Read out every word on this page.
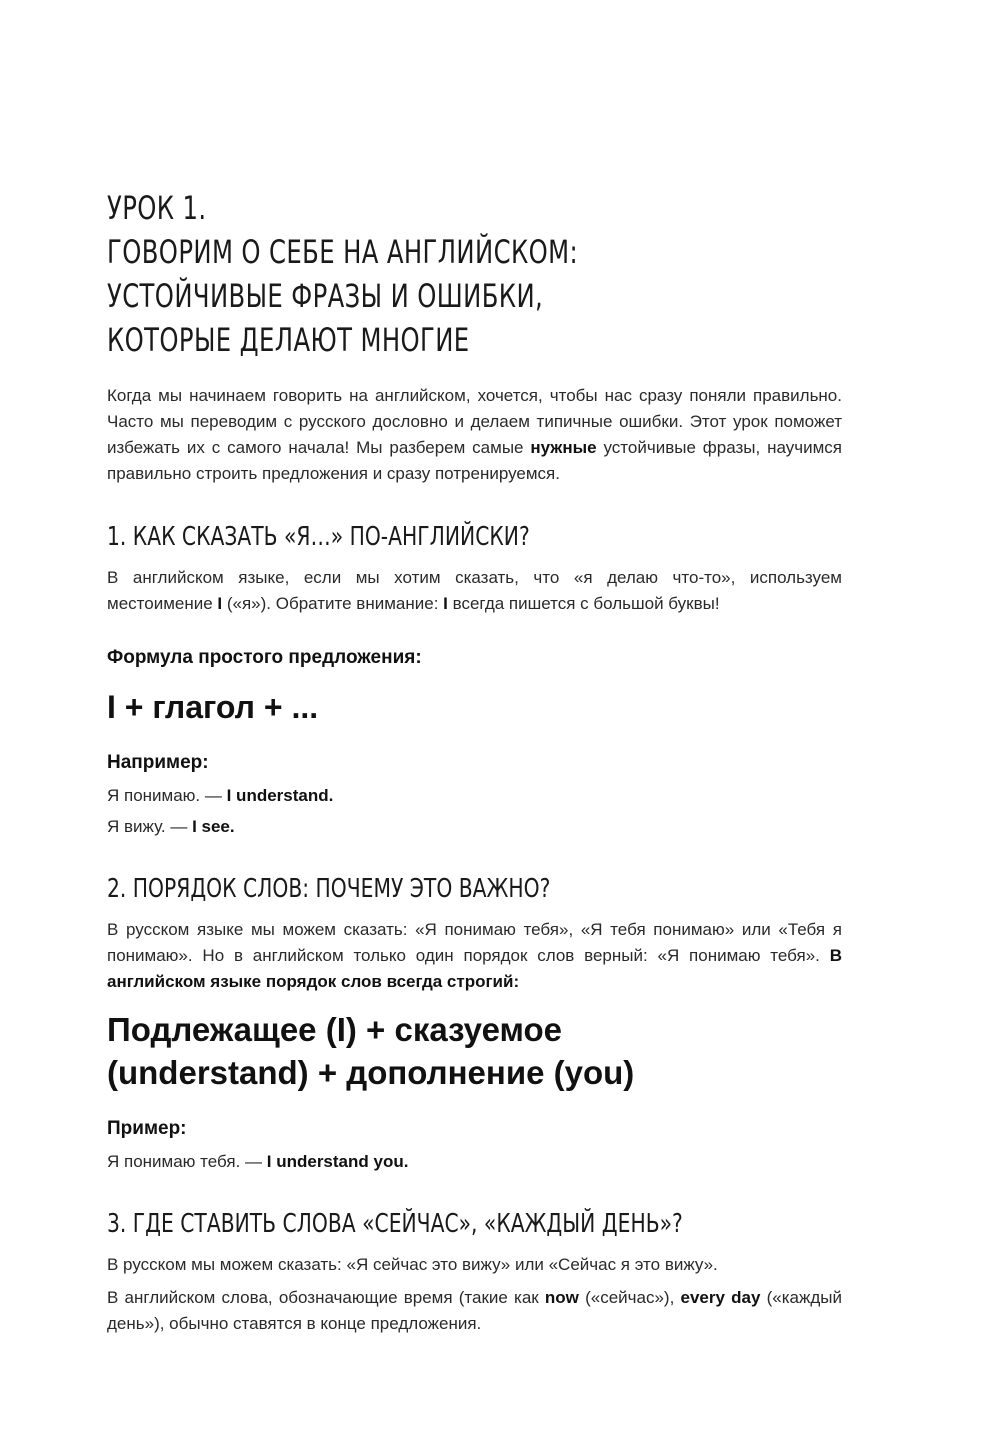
УРОК 1.
ГОВОРИМ О СЕБЕ НА АНГЛИЙСКОМ:
УСТОЙЧИВЫЕ ФРАЗЫ И ОШИБКИ,
КОТОРЫЕ ДЕЛАЮТ МНОГИЕ

Когда мы начинаем говорить на английском, хочется, чтобы нас сразу поняли правильно. Часто мы переводим с русского дословно и делаем типичные ошибки. Этот урок поможет избежать их с самого начала! Мы разберем самые нужные устойчивые фразы, научимся правильно строить предложения и сразу потренируемся.

1. КАК СКАЗАТЬ «Я…» ПО-АНГЛИЙСКИ?

В английском языке, если мы хотим сказать, что «я делаю что-то», используем местоимение I («я»). Обратите внимание: I всегда пишется с большой буквы!

Формула простого предложения:

I + глагол + ...

Например:

Я понимаю. — I understand.

Я вижу. — I see.

2. ПОРЯДОК СЛОВ: ПОЧЕМУ ЭТО ВАЖНО?

В русском языке мы можем сказать: «Я понимаю тебя», «Я тебя понимаю» или «Тебя я понимаю». Но в английском только один порядок слов верный: «Я понимаю тебя». В английском языке порядок слов всегда строгий:

Подлежащее (I) + сказуемое
(understand) + дополнение (you)

Пример:

Я понимаю тебя. — I understand you.

3. ГДЕ СТАВИТЬ СЛОВА «СЕЙЧАС», «КАЖДЫЙ ДЕНЬ»?

В русском мы можем сказать: «Я сейчас это вижу» или «Сейчас я это вижу».

В английском слова, обозначающие время (такие как now («сейчас»), every day («каждый день»), обычно ставятся в конце предложения.
